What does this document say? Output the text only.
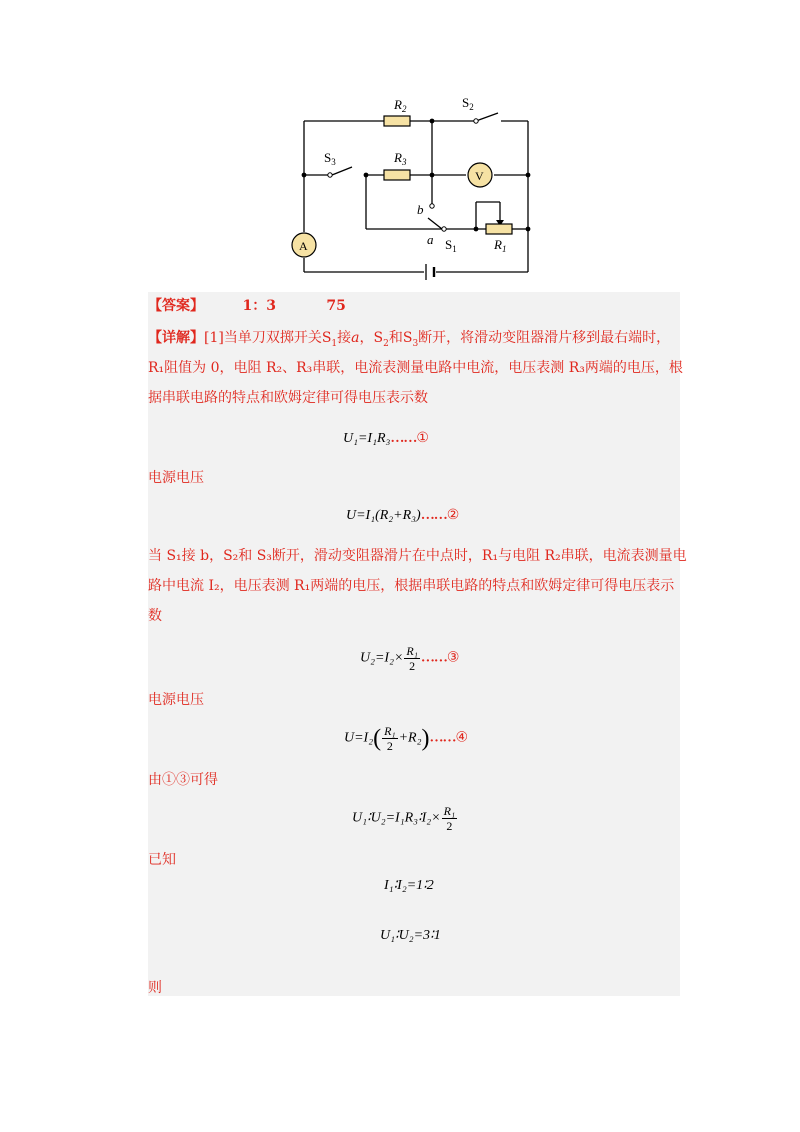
$R_2$	$S_2$
$S_3$	$R_3$
V
A
b
a $S_1$	$R_1$
【答案】	1：3	75
【详解】[1]当单刀双掷开关$S_1$接a，$S_2$和$S_3$断开，将滑动变阻器滑片移到最右端时，
R₁阻值为 0，电阻 R₂、R₃串联，电流表测量电路中电流，电压表测 R₃两端的电压，根
据串联电路的特点和欧姆定律可得电压表示数
U₁=I₁R₃……①
电源电压
U=I₁(R₂+R₃)……②
当 S₁接 b，S₂和 S₃断开，滑动变阻器滑片在中点时，R₁与电阻 R₂串联，电流表测量电
路中电流 I₂，电压表测 R₁两端的电压，根据串联电路的特点和欧姆定律可得电压表示
数
$U_2=I_2\times \frac{\text{R₁}}{2}$ ……③
电源电压
$U=I_2( \frac{\text{R₁}}{2}$ +R₂)……④
由①③可得
U₁∶U₂=I₁R₃∶I₂× $\frac{\text{R₁}}{2}$
已知
I₁∶I₂=1∶2
U₁∶U₂=3∶1
则
